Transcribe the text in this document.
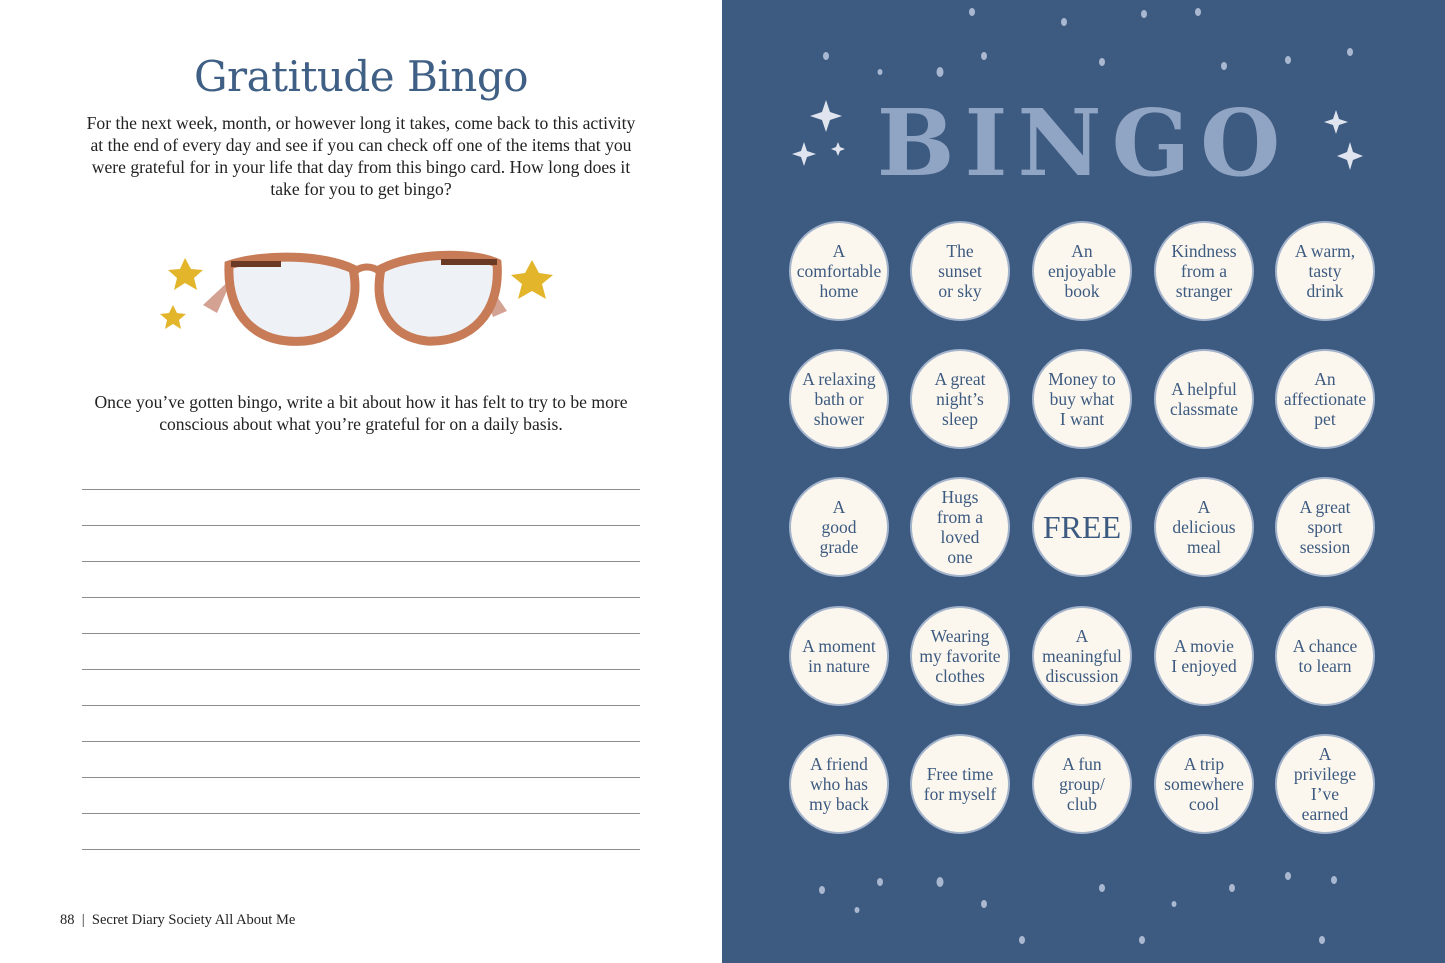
Gratitude Bingo
For the next week, month, or however long it takes, come back to this activity at the end of every day and see if you can check off one of the items that you were grateful for in your life that day from this bingo card. How long does it take for you to get bingo?
Once you’ve gotten bingo, write a bit about how it has felt to try to be more conscious about what you’re grateful for on a daily basis.
88  |  Secret Diary Society All About Me
BINGO
A
comfortable
home
The
sunset
or sky
An
enjoyable
book
Kindness
from a
stranger
A warm,
tasty
drink
A relaxing
bath or
shower
A great
night’s
sleep
Money to
buy what
I want
A helpful
classmate
An
affectionate
pet
A
good
grade
Hugs
from a
loved
one
FREE
A
delicious
meal
A great
sport
session
A moment
in nature
Wearing
my favorite
clothes
A
meaningful
discussion
A movie
I enjoyed
A chance
to learn
A friend
who has
my back
Free time
for myself
A fun
group/
club
A trip
somewhere
cool
A
privilege
I’ve
earned
